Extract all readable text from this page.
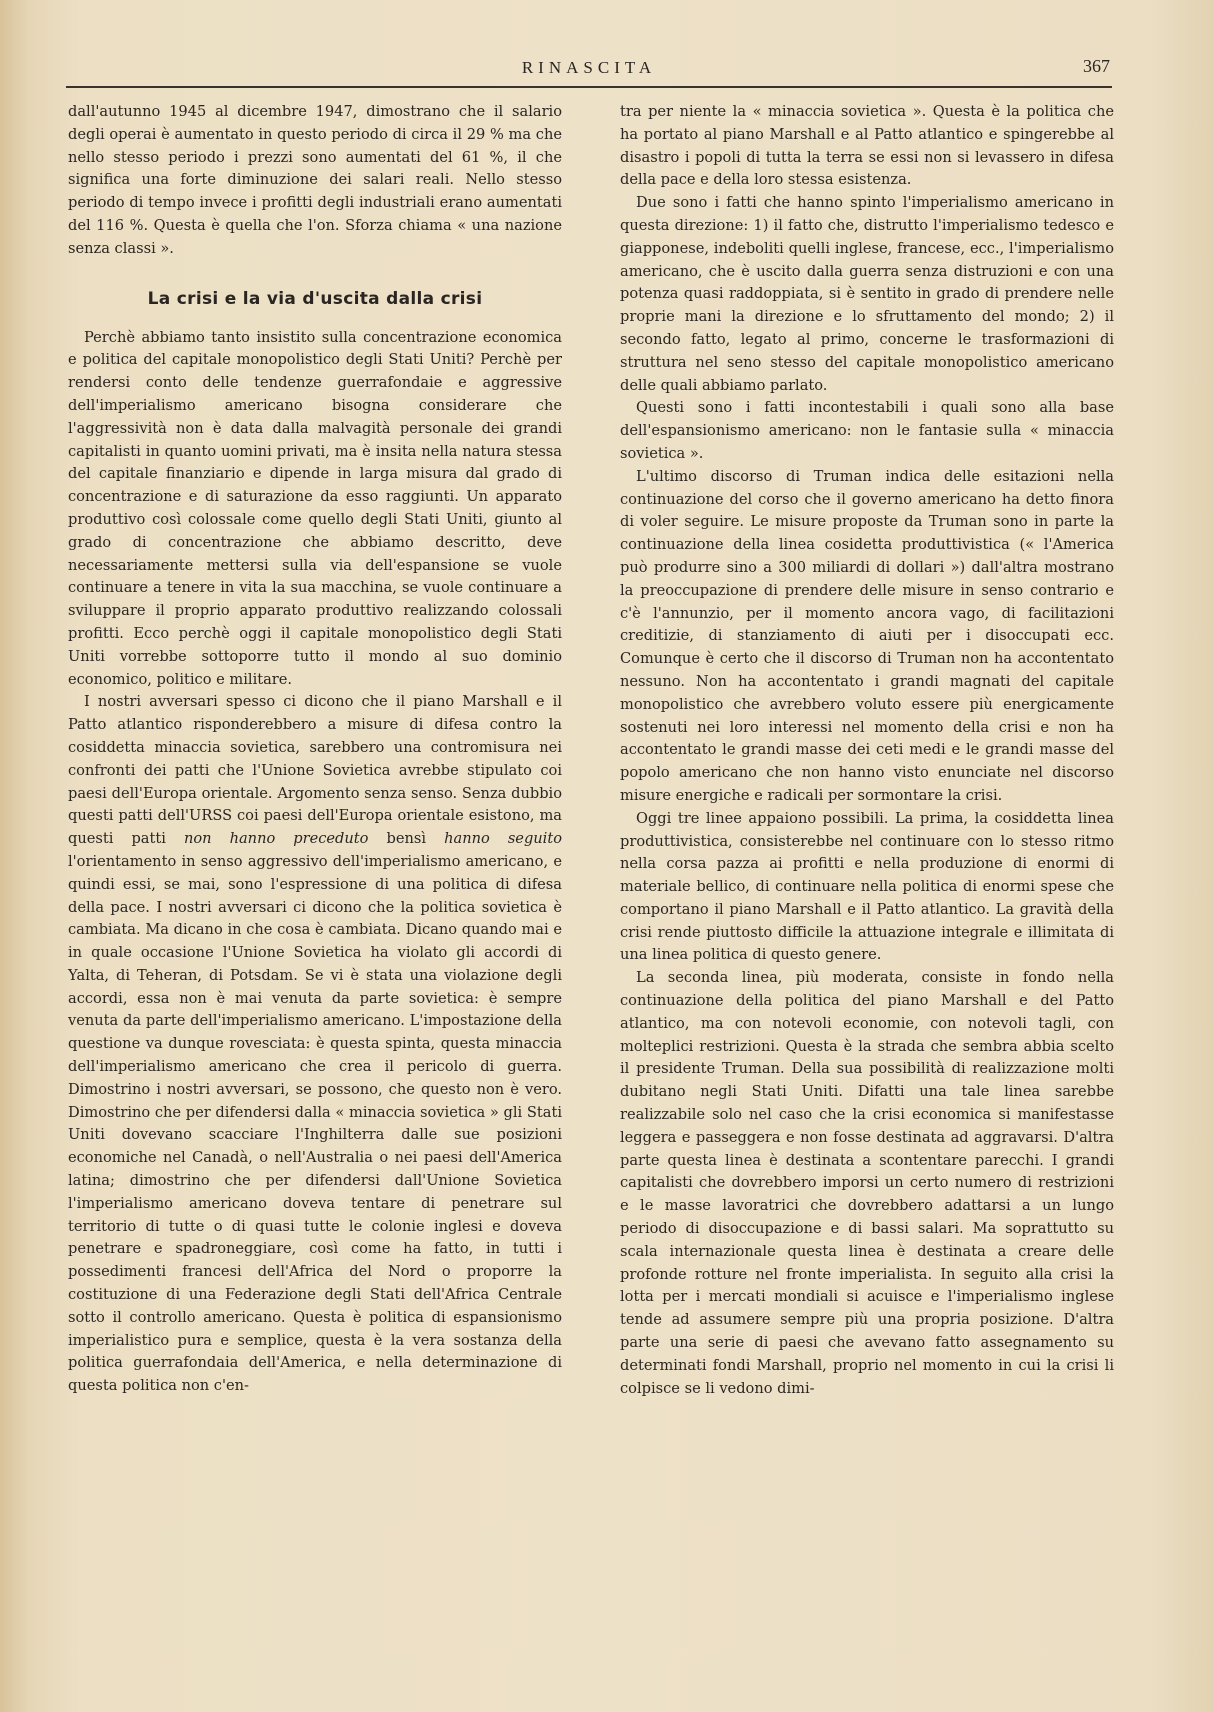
RINASCITA	367

dall'autunno 1945 al dicembre 1947, dimostrano che il salario degli operai è aumentato in questo periodo di circa il 29 % ma che nello stesso periodo i prezzi sono aumentati del 61 %, il che significa una forte diminuzione dei salari reali. Nello stesso periodo di tempo invece i profitti degli industriali erano aumentati del 116 %. Questa è quella che l'on. Sforza chiama « una nazione senza classi ».

La crisi e la via d'uscita dalla crisi

Perchè abbiamo tanto insistito sulla concentrazione economica e politica del capitale monopolistico degli Stati Uniti? Perchè per rendersi conto delle tendenze guerrafondaie e aggressive dell'imperialismo americano bisogna considerare che l'aggressività non è data dalla malvagità personale dei grandi capitalisti in quanto uomini privati, ma è insita nella natura stessa del capitale finanziario e dipende in larga misura dal grado di concentrazione e di saturazione da esso raggiunti. Un apparato produttivo così colossale come quello degli Stati Uniti, giunto al grado di concentrazione che abbiamo descritto, deve necessariamente mettersi sulla via dell'espansione se vuole continuare a tenere in vita la sua macchina, se vuole continuare a sviluppare il proprio apparato produttivo realizzando colossali profitti. Ecco perchè oggi il capitale monopolistico degli Stati Uniti vorrebbe sottoporre tutto il mondo al suo dominio economico, politico e militare.

I nostri avversari spesso ci dicono che il piano Marshall e il Patto atlantico risponderebbero a misure di difesa contro la cosiddetta minaccia sovietica, sarebbero una contromisura nei confronti dei patti che l'Unione Sovietica avrebbe stipulato coi paesi dell'Europa orientale. Argomento senza senso. Senza dubbio questi patti dell'URSS coi paesi dell'Europa orientale esistono, ma questi patti non hanno preceduto bensì hanno seguito l'orientamento in senso aggressivo dell'imperialismo americano, e quindi essi, se mai, sono l'espressione di una politica di difesa della pace. I nostri avversari ci dicono che la politica sovietica è cambiata. Ma dicano in che cosa è cambiata. Dicano quando mai e in quale occasione l'Unione Sovietica ha violato gli accordi di Yalta, di Teheran, di Potsdam. Se vi è stata una violazione degli accordi, essa non è mai venuta da parte sovietica: è sempre venuta da parte dell'imperialismo americano. L'impostazione della questione va dunque rovesciata: è questa spinta, questa minaccia dell'imperialismo americano che crea il pericolo di guerra. Dimostrino i nostri avversari, se possono, che questo non è vero. Dimostrino che per difendersi dalla « minaccia sovietica » gli Stati Uniti dovevano scacciare l'Inghilterra dalle sue posizioni economiche nel Canadà, o nell'Australia o nei paesi dell'America latina; dimostrino che per difendersi dall'Unione Sovietica l'imperialismo americano doveva tentare di penetrare sul territorio di tutte o di quasi tutte le colonie inglesi e doveva penetrare e spadroneggiare, così come ha fatto, in tutti i possedimenti francesi dell'Africa del Nord o proporre la costituzione di una Federazione degli Stati dell'Africa Centrale sotto il controllo americano. Questa è politica di espansionismo imperialistico pura e semplice, questa è la vera sostanza della politica guerrafondaia dell'America, e nella determinazione di questa politica non c'en-

tra per niente la « minaccia sovietica ». Questa è la politica che ha portato al piano Marshall e al Patto atlantico e spingerebbe al disastro i popoli di tutta la terra se essi non si levassero in difesa della pace e della loro stessa esistenza.

Due sono i fatti che hanno spinto l'imperialismo americano in questa direzione: 1) il fatto che, distrutto l'imperialismo tedesco e giapponese, indeboliti quelli inglese, francese, ecc., l'imperialismo americano, che è uscito dalla guerra senza distruzioni e con una potenza quasi raddoppiata, si è sentito in grado di prendere nelle proprie mani la direzione e lo sfruttamento del mondo; 2) il secondo fatto, legato al primo, concerne le trasformazioni di struttura nel seno stesso del capitale monopolistico americano delle quali abbiamo parlato.

Questi sono i fatti incontestabili i quali sono alla base dell'espansionismo americano: non le fantasie sulla « minaccia sovietica ».

L'ultimo discorso di Truman indica delle esitazioni nella continuazione del corso che il governo americano ha detto finora di voler seguire. Le misure proposte da Truman sono in parte la continuazione della linea cosidetta produttivistica (« l'America può produrre sino a 300 miliardi di dollari ») dall'altra mostrano la preoccupazione di prendere delle misure in senso contrario e c'è l'annunzio, per il momento ancora vago, di facilitazioni creditizie, di stanziamento di aiuti per i disoccupati ecc. Comunque è certo che il discorso di Truman non ha accontentato nessuno. Non ha accontentato i grandi magnati del capitale monopolistico che avrebbero voluto essere più energicamente sostenuti nei loro interessi nel momento della crisi e non ha accontentato le grandi masse dei ceti medi e le grandi masse del popolo americano che non hanno visto enunciate nel discorso misure energiche e radicali per sormontare la crisi.

Oggi tre linee appaiono possibili. La prima, la cosiddetta linea produttivistica, consisterebbe nel continuare con lo stesso ritmo nella corsa pazza ai profitti e nella produzione di enormi di materiale bellico, di continuare nella politica di enormi spese che comportano il piano Marshall e il Patto atlantico. La gravità della crisi rende piuttosto difficile la attuazione integrale e illimitata di una linea politica di questo genere.

La seconda linea, più moderata, consiste in fondo nella continuazione della politica del piano Marshall e del Patto atlantico, ma con notevoli economie, con notevoli tagli, con molteplici restrizioni. Questa è la strada che sembra abbia scelto il presidente Truman. Della sua possibilità di realizzazione molti dubitano negli Stati Uniti. Difatti una tale linea sarebbe realizzabile solo nel caso che la crisi economica si manifestasse leggera e passeggera e non fosse destinata ad aggravarsi. D'altra parte questa linea è destinata a scontentare parecchi. I grandi capitalisti che dovrebbero imporsi un certo numero di restrizioni e le masse lavoratrici che dovrebbero adattarsi a un lungo periodo di disoccupazione e di bassi salari. Ma soprattutto su scala internazionale questa linea è destinata a creare delle profonde rotture nel fronte imperialista. In seguito alla crisi la lotta per i mercati mondiali si acuisce e l'imperialismo inglese tende ad assumere sempre più una propria posizione. D'altra parte una serie di paesi che avevano fatto assegnamento su determinati fondi Marshall, proprio nel momento in cui la crisi li colpisce se li vedono dimi-
